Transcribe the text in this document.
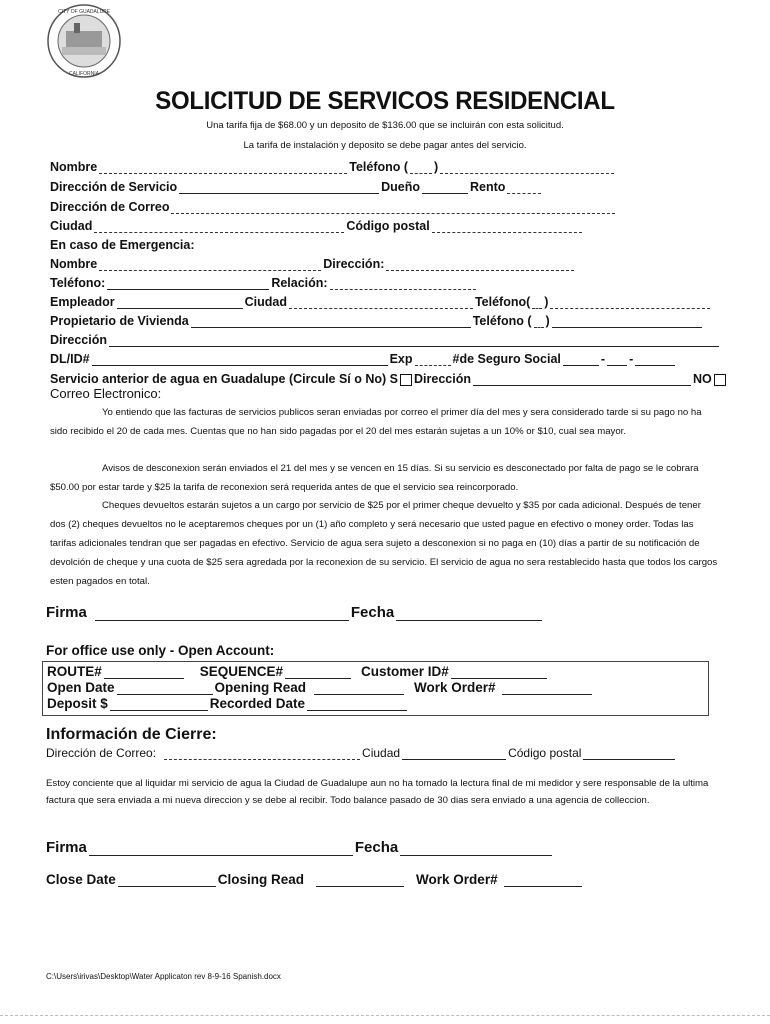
CITY OF GUADALUPE
CALIFORNIA
SOLICITUD DE SERVICOS RESIDENCIAL
Una tarifa fija de $68.00 y un deposito de $136.00 que se incluirán con esta solicitud.
La tarifa de instalación y deposito se debe pagar antes del servicio.
Nombre	Teléfono ( )
Dirección de Servicio	Dueño	Rento
Dirección de Correo
Ciudad	Código postal
En caso de Emergencia:
Nombre	Dirección:
Teléfono:	Relación:
Empleador	Ciudad	Teléfono( )
Propietario de Vivienda	Teléfono ( )
Dirección
DL/ID#	Exp	#de Seguro Social	- -
Servicio anterior de agua en Guadalupe (Circule Sí o No) S Dirección	NO
Correo Electronico:
Yo entiendo que las facturas de servicios publicos seran enviadas por correo el primer día del mes y sera considerado tarde si su pago no ha sido recibido el 20 de cada mes. Cuentas que no han sido pagadas por el 20 del mes estarán sujetas a un 10% or $10, cual sea mayor.
Avisos de desconexion serán enviados el 21 del mes y se vencen en 15 días. Si su servicio es desconectado por falta de pago se le cobrara $50.00 por estar tarde y $25 la tarifa de reconexion será requerida antes de que el servicio sea reincorporado.
Cheques devueltos estarán sujetos a un cargo por servicio de $25 por el primer cheque devuelto y $35 por cada adicional. Después de tener dos (2) cheques devueltos no le aceptaremos cheques por un (1) año completo y será necesario que usted pague en efectivo o money order. Todas las tarifas adicionales tendran que ser pagadas en efectivo. Servicio de agua sera sujeto a desconexion si no paga en (10) días a partir de su notificación de devolción de cheque y una cuota de $25 sera agredada por la reconexion de su servicio. El servicio de agua no sera restablecido hasta que todos los cargos esten pagados en total.
Firma	Fecha
For office use only - Open Account:
ROUTE#	SEQUENCE#	Customer ID#
Open Date	Opening Read	Work Order#
Deposit $	Recorded Date
Información de Cierre:
Dirección de Correo:	Ciudad	Código postal
Estoy conciente que al liquidar mi servicio de agua la Ciudad de Guadalupe aun no ha tomado la lectura final de mi medidor y sere responsable de la ultima factura que sera enviada a mi nueva direccion y se debe al recibir. Todo balance pasado de 30 dias sera enviado a una agencia de colleccion.
Firma	Fecha
Close Date	Closing Read	Work Order#
C:\Users\irivas\Desktop\Water Applicaton rev 8-9-16 Spanish.docx
